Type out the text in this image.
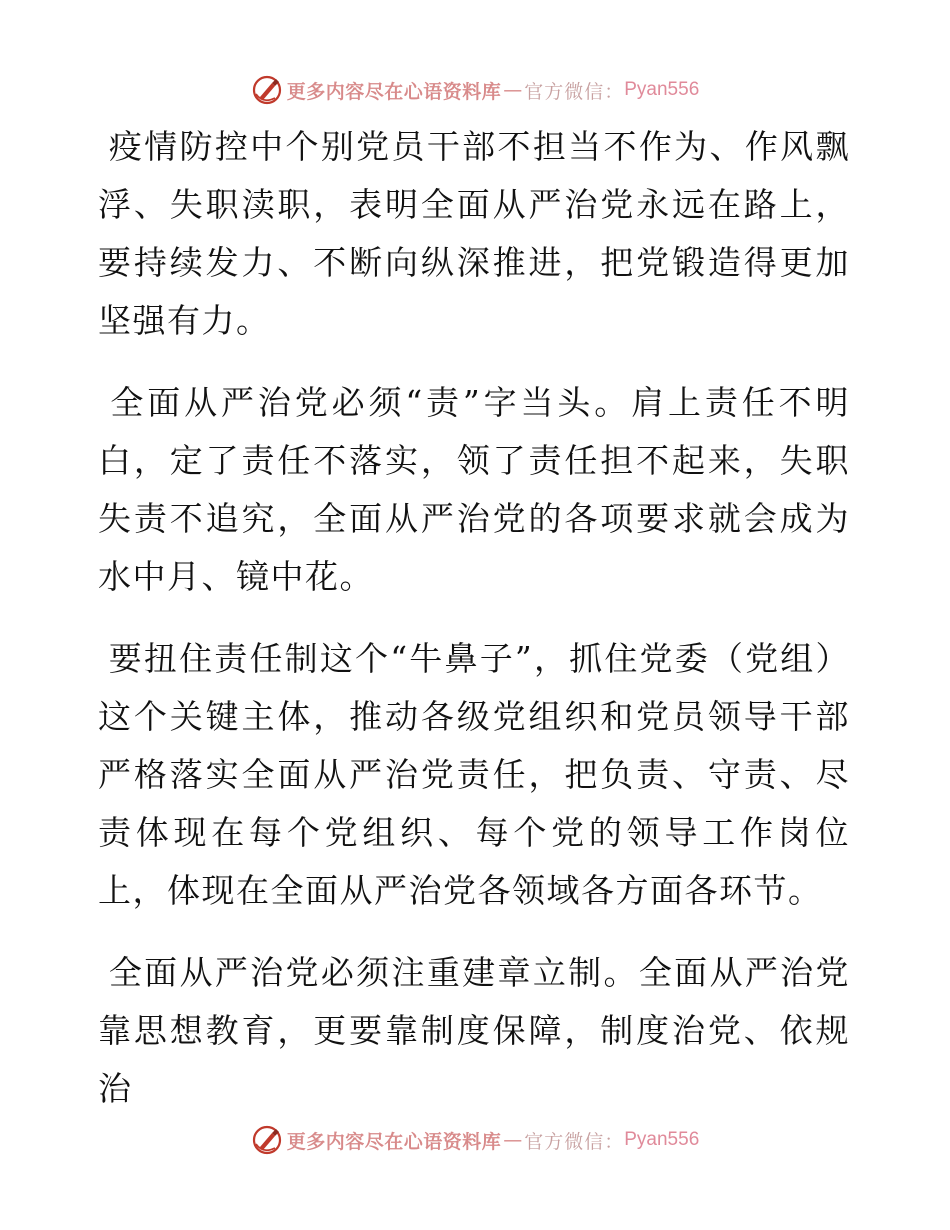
更多内容尽在心语资料库 — 官方微信： Pyan556

疫情防控中个别党员干部不担当不作为、作风飘浮、失职渎职，表明全面从严治党永远在路上，要持续发力、不断向纵深推进，把党锻造得更加坚强有力。

全面从严治党必须“责”字当头。肩上责任不明白，定了责任不落实，领了责任担不起来，失职失责不追究，全面从严治党的各项要求就会成为水中月、镜中花。

要扭住责任制这个“牛鼻子”，抓住党委（党组）这个关键主体，推动各级党组织和党员领导干部严格落实全面从严治党责任，把负责、守责、尽责体现在每个党组织、每个党的领导工作岗位上，体现在全面从严治党各领域各方面各环节。

全面从严治党必须注重建章立制。全面从严治党靠思想教育，更要靠制度保障，制度治党、依规治

更多内容尽在心语资料库 — 官方微信： Pyan556
